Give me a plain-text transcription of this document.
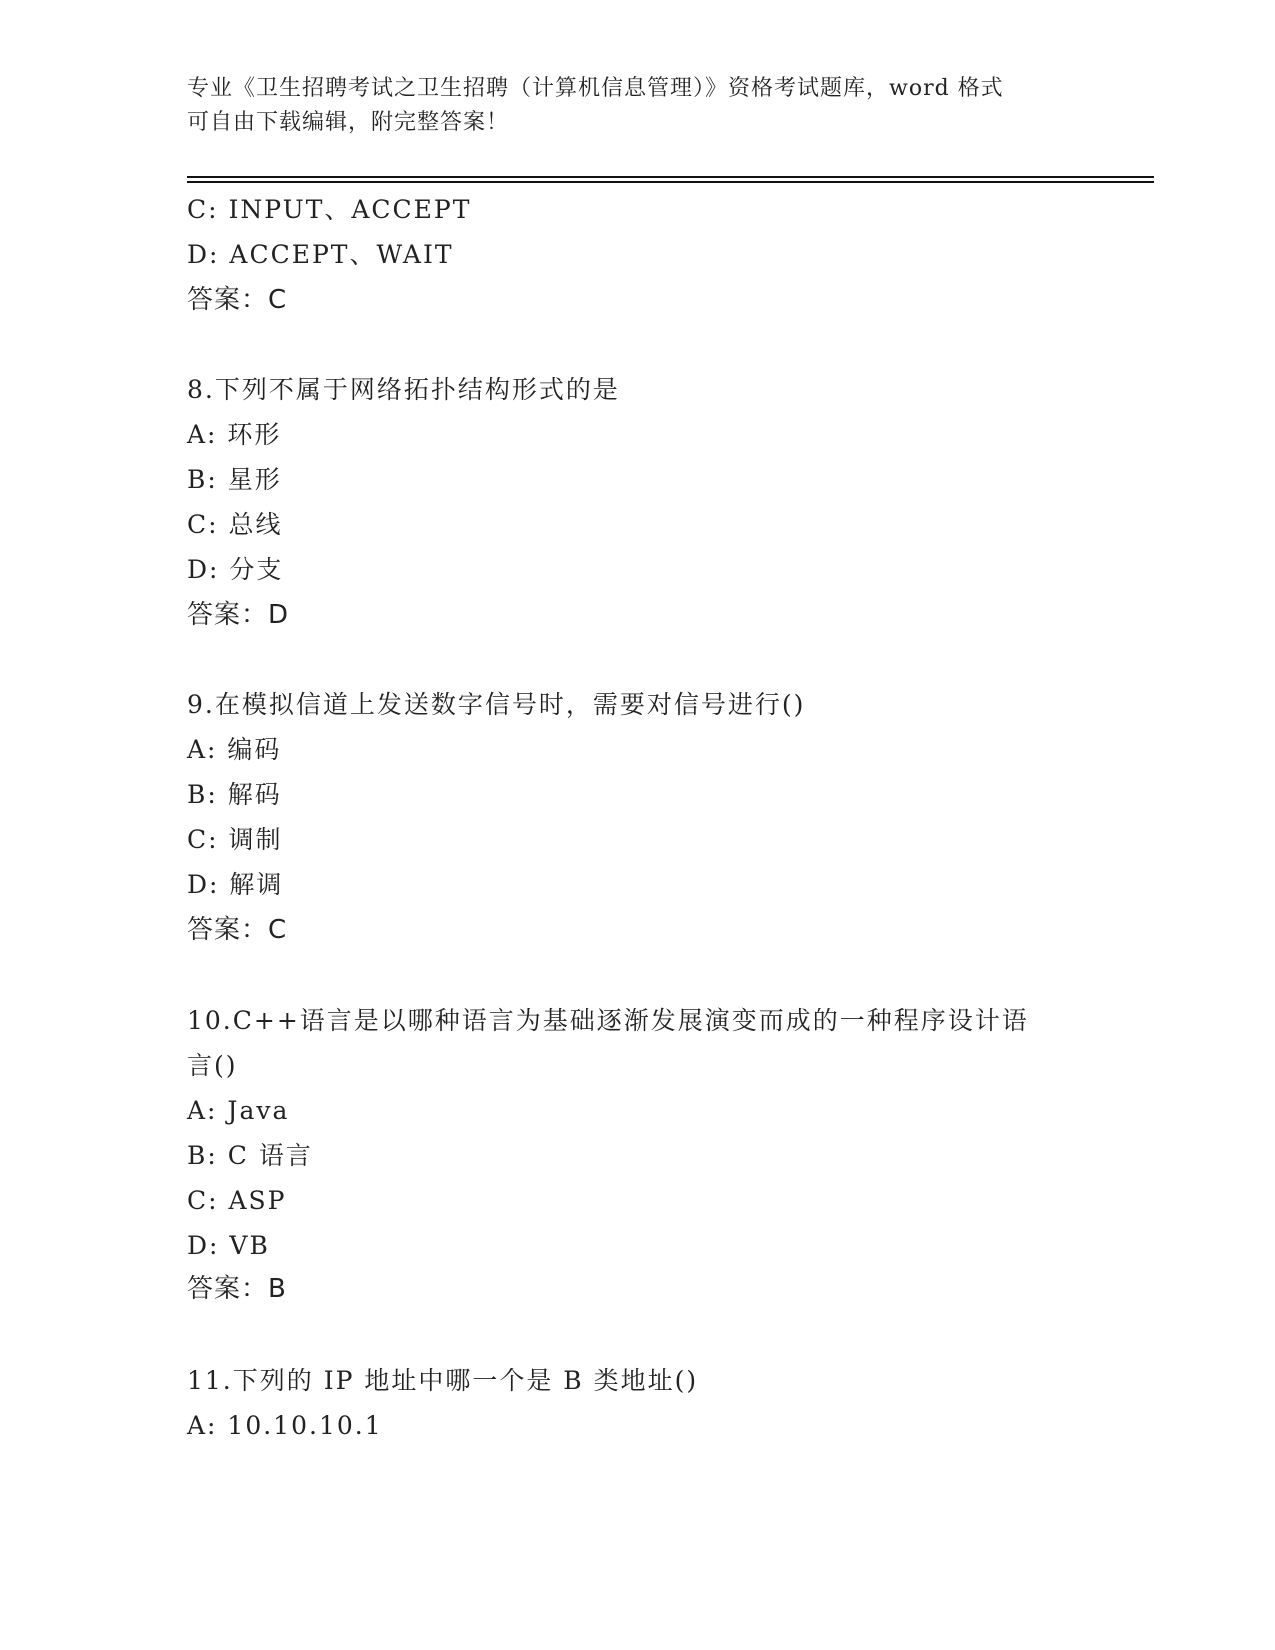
专业《卫生招聘考试之卫生招聘（计算机信息管理）》资格考试题库，word 格式
可自由下载编辑，附完整答案！
C: INPUT、ACCEPT
D: ACCEPT、WAIT
答案：C
8.下列不属于网络拓扑结构形式的是
A: 环形
B: 星形
C: 总线
D: 分支
答案：D
9.在模拟信道上发送数字信号时，需要对信号进行()
A: 编码
B: 解码
C: 调制
D: 解调
答案：C
10.C++语言是以哪种语言为基础逐渐发展演变而成的一种程序设计语
言()
A: Java
B: C 语言
C: ASP
D: VB
答案：B
11.下列的 IP 地址中哪一个是 B 类地址()
A: 10.10.10.1
